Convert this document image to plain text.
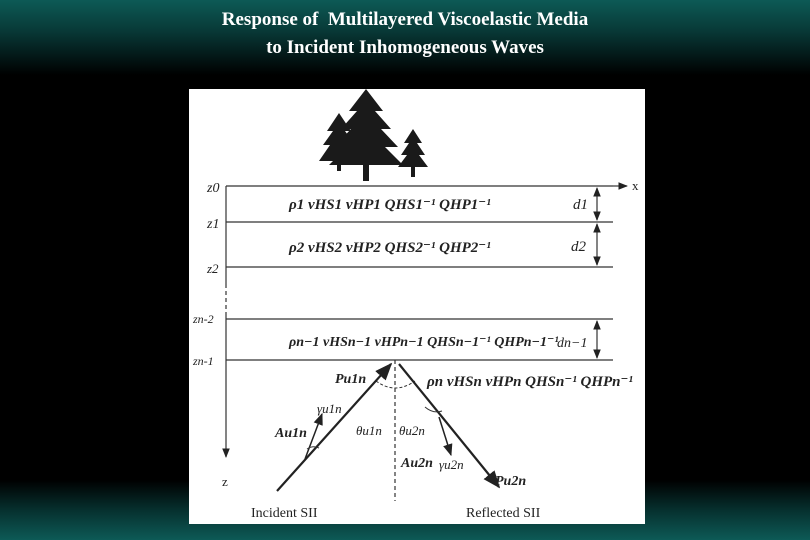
Response of  Multilayered Viscoelastic Media
to Incident Inhomogeneous Waves
x
z
z0
z1
z2
zn-2
zn-1
ρ1 vHS1 vHP1 QHS1⁻¹ QHP1⁻¹
ρ2 vHS2 vHP2 QHS2⁻¹ QHP2⁻¹
ρn−1 vHSn−1 vHPn−1 QHSn−1⁻¹ QHPn−1⁻¹
d1
d2
dn−1
ρn vHSn vHPn QHSn⁻¹ QHPn⁻¹
Pu1n
Au1n
Au2n
Pu2n
γu1n
θu1n θu2n
γu2n
Incident SII	Reflected SII
